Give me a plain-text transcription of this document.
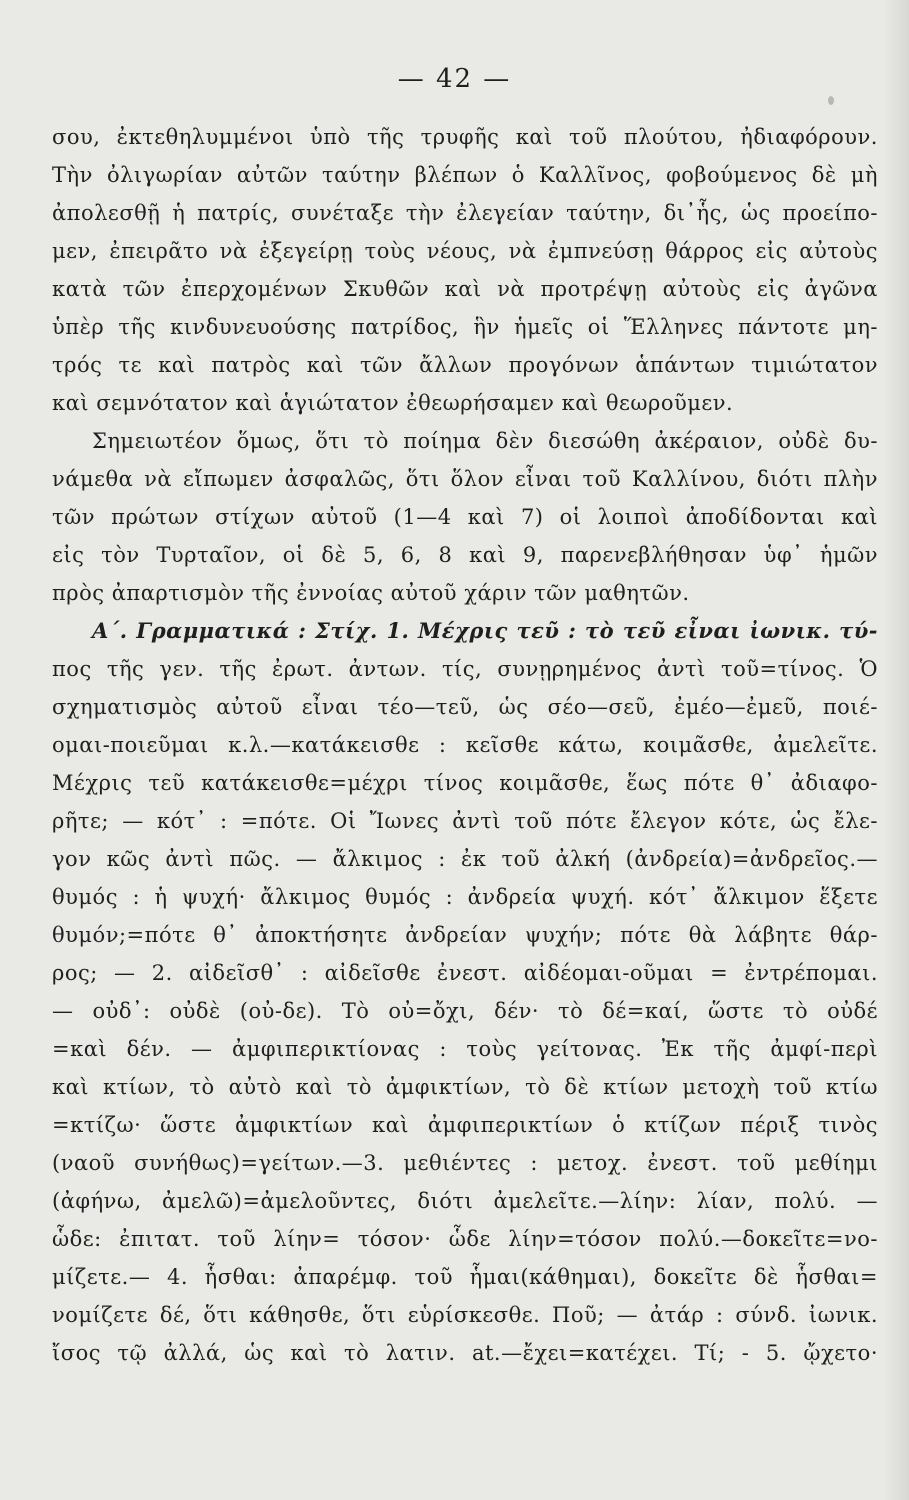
— 42 —
σου, ἐκτεθηλυμμένοι ὑπὸ τῆς τρυφῆς καὶ τοῦ πλούτου, ἠδιαφόρουν.
Τὴν ὀλιγωρίαν αὐτῶν ταύτην βλέπων ὁ Καλλῖνος, φοβούμενος δὲ μὴ
ἀπολεσθῇ ἡ πατρίς, συνέταξε τὴν ἐλεγείαν ταύτην, δι᾽ἧς, ὡς προείπο-
μεν, ἐπειρᾶτο νὰ ἐξεγείρῃ τοὺς νέους, νὰ ἐμπνεύσῃ θάρρος εἰς αὐτοὺς
κατὰ τῶν ἐπερχομένων Σκυθῶν καὶ νὰ προτρέψῃ αὐτοὺς εἰς ἀγῶνα
ὑπὲρ τῆς κινδυνευούσης πατρίδος, ἣν ἡμεῖς οἱ Ἕλληνες πάντοτε μη-
τρός τε καὶ πατρὸς καὶ τῶν ἄλλων προγόνων ἁπάντων τιμιώτατον
καὶ σεμνότατον καὶ ἁγιώτατον ἐθεωρήσαμεν καὶ θεωροῦμεν.
Σημειωτέον ὅμως, ὅτι τὸ ποίημα δὲν διεσώθη ἀκέραιον, οὐδὲ δυ-
νάμεθα νὰ εἴπωμεν ἀσφαλῶς, ὅτι ὅλον εἶναι τοῦ Καλλίνου, διότι πλὴν
τῶν πρώτων στίχων αὐτοῦ (1—4 καὶ 7) οἱ λοιποὶ ἀποδίδονται καὶ
εἰς τὸν Τυρταῖον, οἱ δὲ 5, 6, 8 καὶ 9, παρενεβλήθησαν ὑφ᾽ ἡμῶν
πρὸς ἀπαρτισμὸν τῆς ἐννοίας αὐτοῦ χάριν τῶν μαθητῶν.
Α΄. Γραμματικά : Στίχ. 1. Μέχρις τεῦ : τὸ τεῦ εἶναι ἰωνικ. τύ-
πος τῆς γεν. τῆς ἐρωτ. ἀντων. τίς, συνῃρημένος ἀντὶ τοῦ=τίνος. Ὁ
σχηματισμὸς αὐτοῦ εἶναι τέο—τεῦ, ὡς σέο—σεῦ, ἐμέο—ἐμεῦ, ποιέ-
ομαι-ποιεῦμαι κ.λ.—κατάκεισθε : κεῖσθε κάτω, κοιμᾶσθε, ἀμελεῖτε.
Μέχρις τεῦ κατάκεισθε=μέχρι τίνος κοιμᾶσθε, ἕως πότε θ᾽ ἀδιαφο-
ρῆτε; — κότ᾽ : =πότε. Οἱ Ἴωνες ἀντὶ τοῦ πότε ἔλεγον κότε, ὡς ἔλε-
γον κῶς ἀντὶ πῶς. — ἄλκιμος : ἐκ τοῦ ἀλκή (ἀνδρεία)=ἀνδρεῖος.—
θυμός : ἡ ψυχή· ἄλκιμος θυμός : ἀνδρεία ψυχή. κότ᾽ ἄλκιμον ἕξετε
θυμόν;=πότε θ᾽ ἀποκτήσητε ἀνδρείαν ψυχήν; πότε θὰ λάβητε θάρ-
ρος; — 2. αἰδεῖσθ᾽ : αἰδεῖσθε ἐνεστ. αἰδέομαι-οῦμαι = ἐντρέπομαι.
— οὐδ᾽: οὐδὲ (οὐ-δε). Τὸ οὐ=ὄχι, δέν· τὸ δέ=καί, ὥστε τὸ οὐδέ
=καὶ δέν. — ἀμφιπερικτίονας : τοὺς γείτονας. Ἐκ τῆς ἀμφί-περὶ
καὶ κτίων, τὸ αὐτὸ καὶ τὸ ἀμφικτίων, τὸ δὲ κτίων μετοχὴ τοῦ κτίω
=κτίζω· ὥστε ἀμφικτίων καὶ ἀμφιπερικτίων ὁ κτίζων πέριξ τινὸς
(ναοῦ συνήθως)=γείτων.—3. μεθιέντες : μετοχ. ἐνεστ. τοῦ μεθίημι
(ἀφήνω, ἀμελῶ)=ἀμελοῦντες, διότι ἀμελεῖτε.—λίην: λίαν, πολύ. —
ὧδε: ἐπιτατ. τοῦ λίην= τόσον· ὧδε λίην=τόσον πολύ.—δοκεῖτε=νο-
μίζετε.— 4. ἧσθαι: ἀπαρέμφ. τοῦ ἧμαι(κάθημαι), δοκεῖτε δὲ ἧσθαι=
νομίζετε δέ, ὅτι κάθησθε, ὅτι εὑρίσκεσθε. Ποῦ; — ἀτάρ : σύνδ. ἰωνικ.
ἴσος τῷ ἀλλά, ὡς καὶ τὸ λατιν. at.—ἔχει=κατέχει. Τί; - 5. ᾤχετο·
